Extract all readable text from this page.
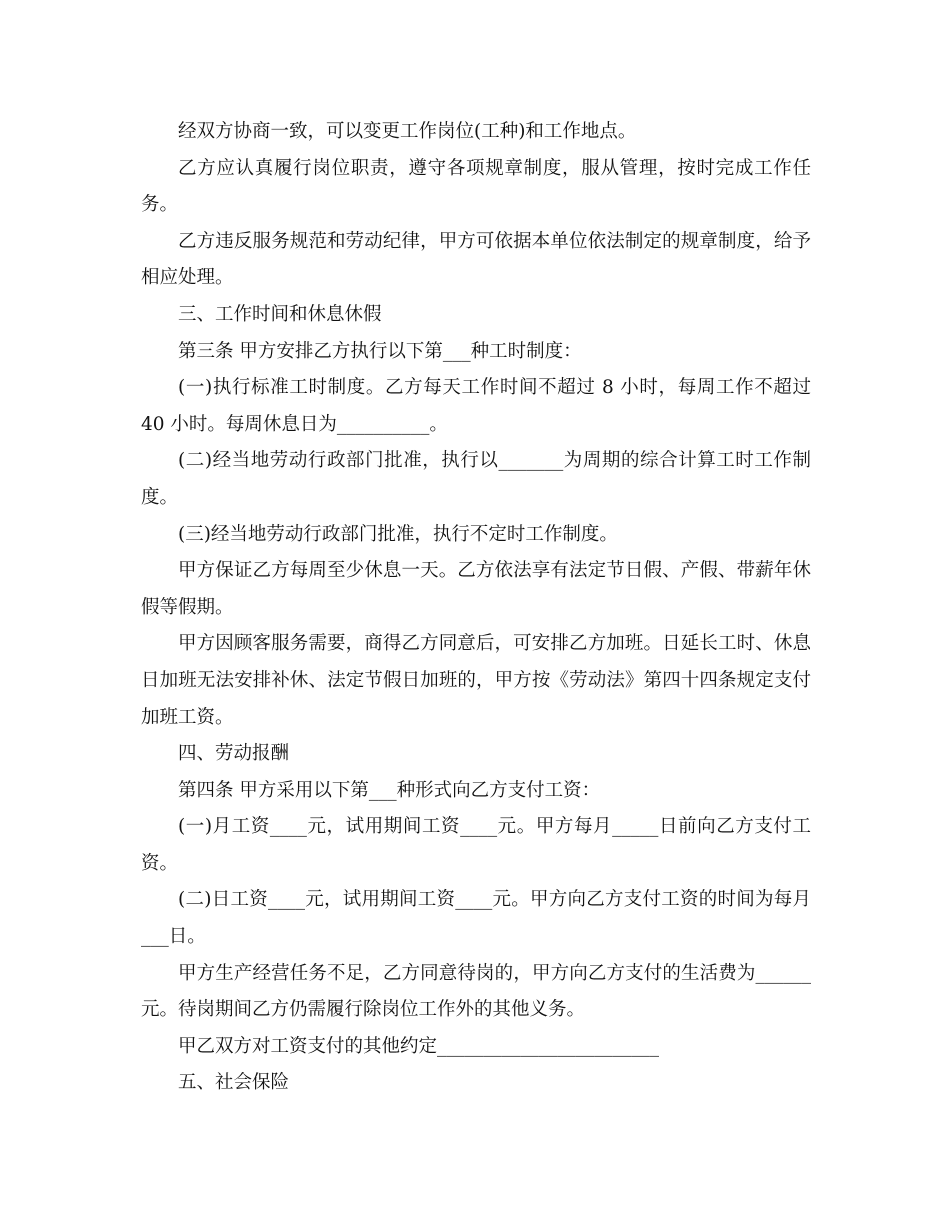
经双方协商一致，可以变更工作岗位(工种)和工作地点。

乙方应认真履行岗位职责，遵守各项规章制度，服从管理，按时完成工作任务。

乙方违反服务规范和劳动纪律，甲方可依据本单位依法制定的规章制度，给予相应处理。

三、工作时间和休息休假

第三条 甲方安排乙方执行以下第___种工时制度：

(一)执行标准工时制度。乙方每天工作时间不超过 8 小时，每周工作不超过 40 小时。每周休息日为__________。

(二)经当地劳动行政部门批准，执行以_______为周期的综合计算工时工作制度。

(三)经当地劳动行政部门批准，执行不定时工作制度。

甲方保证乙方每周至少休息一天。乙方依法享有法定节日假、产假、带薪年休假等假期。

甲方因顾客服务需要，商得乙方同意后，可安排乙方加班。日延长工时、休息日加班无法安排补休、法定节假日加班的，甲方按《劳动法》第四十四条规定支付加班工资。

四、劳动报酬

第四条 甲方采用以下第___种形式向乙方支付工资：

(一)月工资____元，试用期间工资____元。甲方每月_____日前向乙方支付工资。

(二)日工资____元，试用期间工资____元。甲方向乙方支付工资的时间为每月___日。

甲方生产经营任务不足，乙方同意待岗的，甲方向乙方支付的生活费为______元。待岗期间乙方仍需履行除岗位工作外的其他义务。

甲乙双方对工资支付的其他约定________________________

五、社会保险
